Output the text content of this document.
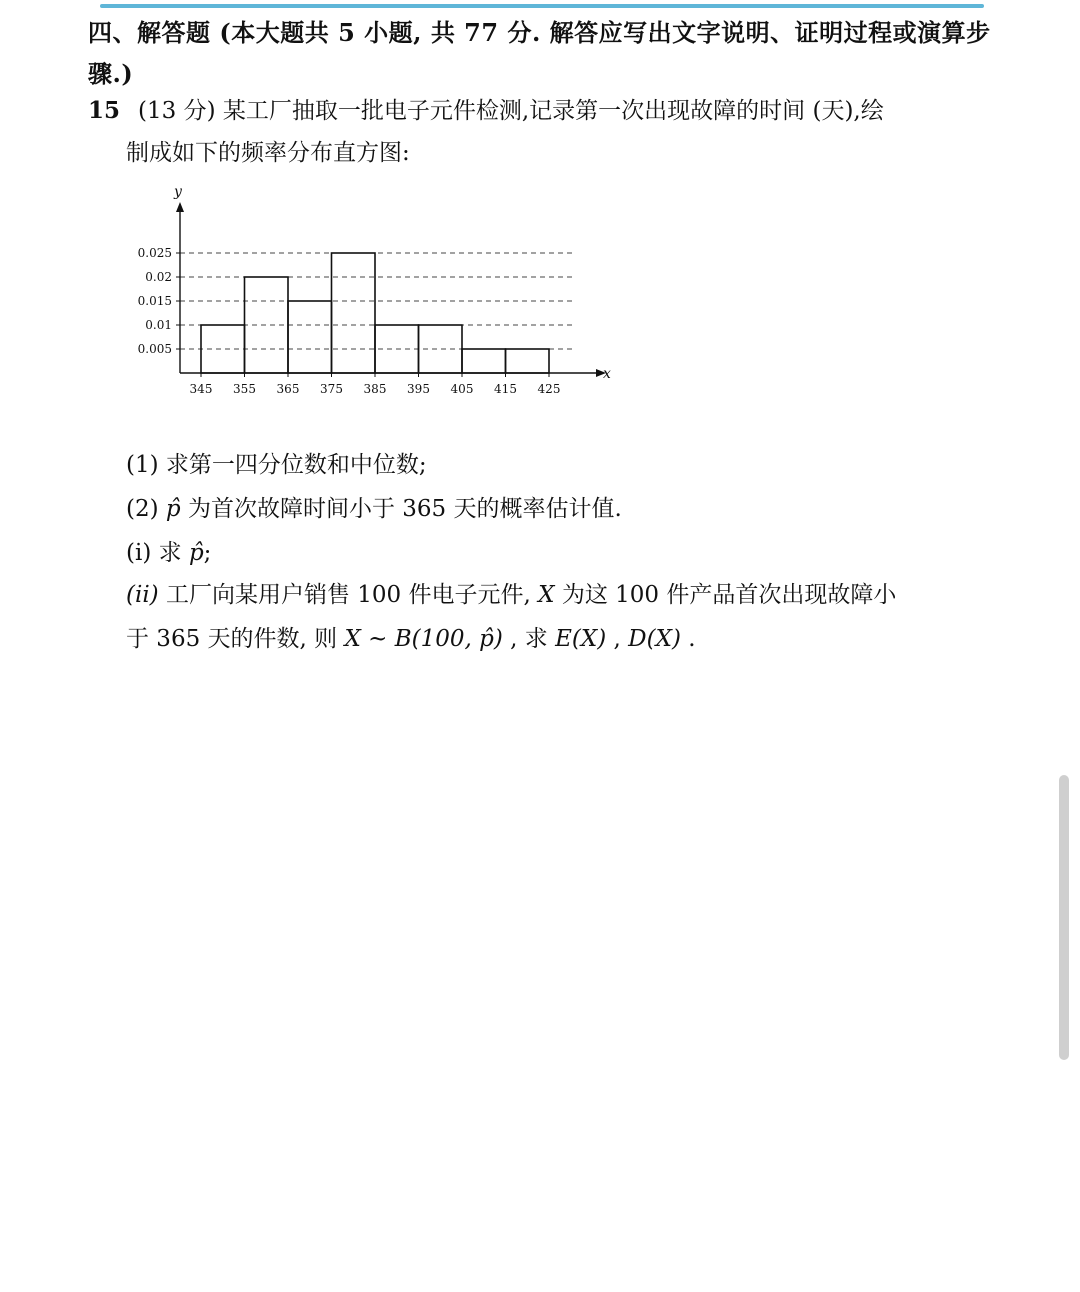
四、解答题 (本大题共 5 小题, 共 77 分. 解答应写出文字说明、证明过程或演算步骤.)
15 (13 分) 某工厂抽取一批电子元件检测,记录第一次出现故障的时间 (天),绘
制成如下的频率分布直方图:
0.005
0.01
0.015
0.02
0.025
345 355 365 375 385 395 405 415 425
x
y
(1) 求第一四分位数和中位数;
(2) p̂ 为首次故障时间小于 365 天的概率估计值.
(i) 求 p̂;
(ii) 工厂向某用户销售 100 件电子元件, X 为这 100 件产品首次出现故障小
于 365 天的件数, 则 X ~ B(100, p̂) , 求 E(X) , D(X) .
